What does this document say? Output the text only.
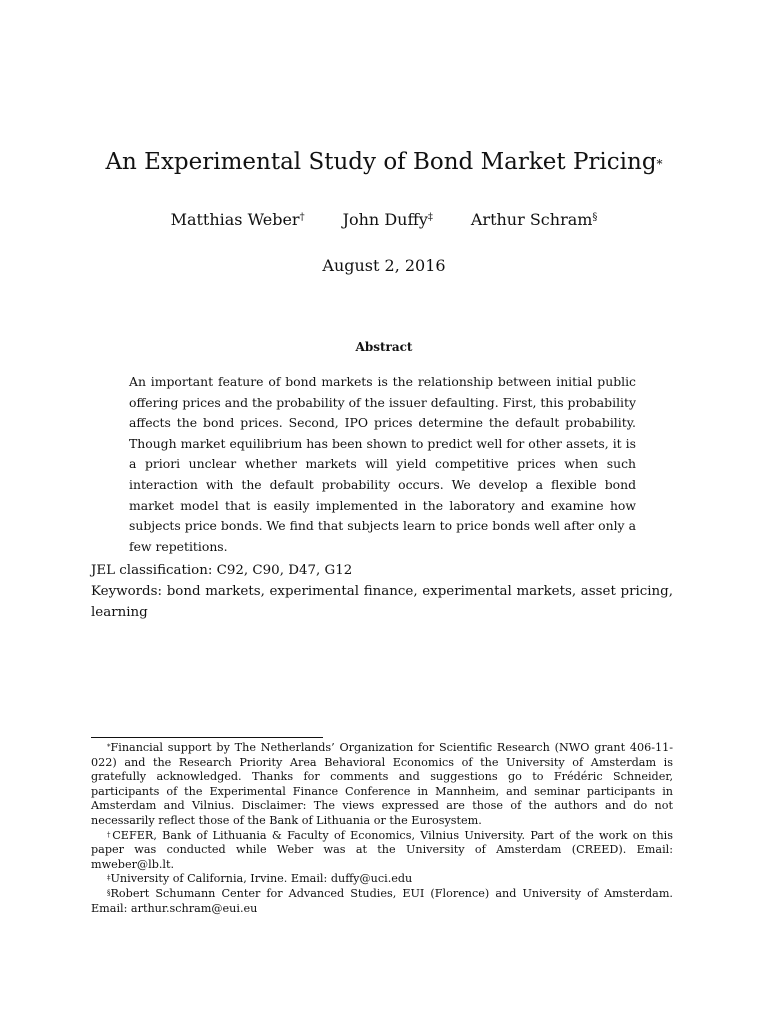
An Experimental Study of Bond Market Pricing*
Matthias Weber† John Duffy‡ Arthur Schram§
August 2, 2016
Abstract
An important feature of bond markets is the relationship between initial public offering prices and the probability of the issuer defaulting. First, this probability affects the bond prices. Second, IPO prices determine the default probability. Though market equilibrium has been shown to predict well for other assets, it is a priori unclear whether markets will yield competitive prices when such interaction with the default probability occurs. We develop a flexible bond market model that is easily implemented in the laboratory and examine how subjects price bonds. We find that subjects learn to price bonds well after only a few repetitions.
JEL classification: C92, C90, D47, G12
Keywords: bond markets, experimental finance, experimental markets, asset pricing, learning

*Financial support by The Netherlands’ Organization for Scientific Research (NWO grant 406-11-022) and the Research Priority Area Behavioral Economics of the University of Amsterdam is gratefully acknowledged. Thanks for comments and suggestions go to Frédéric Schneider, participants of the Experimental Finance Conference in Mannheim, and seminar participants in Amsterdam and Vilnius. Disclaimer: The views expressed are those of the authors and do not necessarily reflect those of the Bank of Lithuania or the Eurosystem.

†CEFER, Bank of Lithuania & Faculty of Economics, Vilnius University. Part of the work on this paper was conducted while Weber was at the University of Amsterdam (CREED). Email: mweber@lb.lt.

‡University of California, Irvine. Email: duffy@uci.edu

§Robert Schumann Center for Advanced Studies, EUI (Florence) and University of Amsterdam. Email: arthur.schram@eui.eu
